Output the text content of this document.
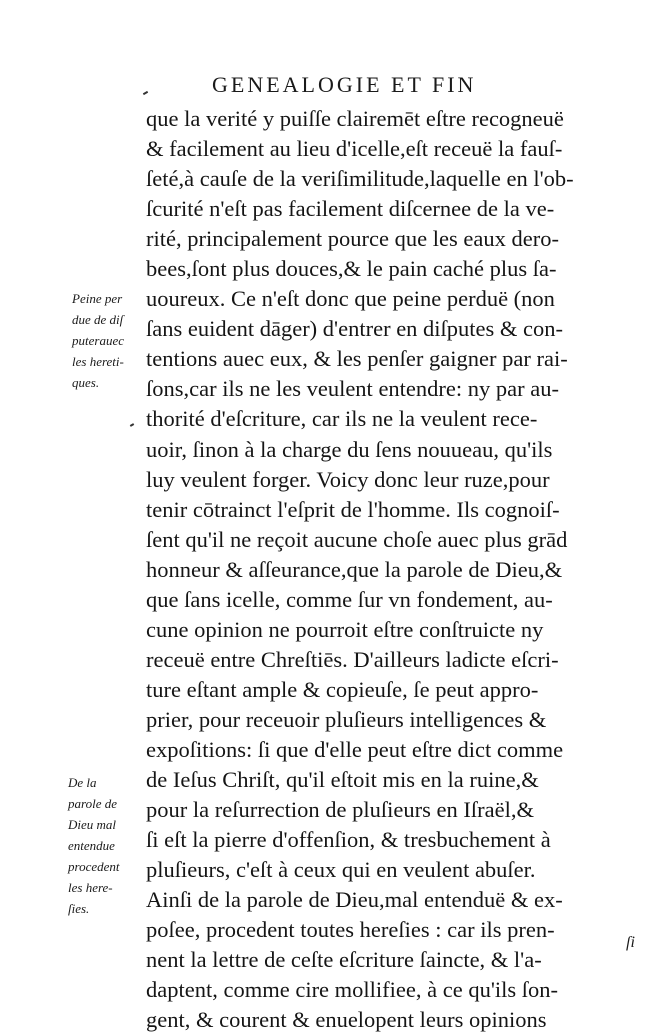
GENEALOGIE ET FIN
Peine per
due de diſ
puterauec
les hereti-
ques.
De la
parole de
Dieu mal
entendue
procedent
les here-
ſies.
que la verité y puiſſe clairemēt eſtre recogneuë
& facilement au lieu d'icelle,eſt receuë la fauſ-
ſeté,à cauſe de la veriſimilitude,laquelle en l'ob-
ſcurité n'eſt pas facilement diſcernee de la ve-
rité, principalement pource que les eaux dero-
bees,ſont plus douces,& le pain caché plus ſa-
uoureux. Ce n'eſt donc que peine perduë (non
ſans euident dāger) d'entrer en diſputes & con-
tentions auec eux, & les penſer gaigner par rai-
ſons,car ils ne les veulent entendre: ny par au-
thorité d'eſcriture, car ils ne la veulent rece-
uoir, ſinon à la charge du ſens nouueau, qu'ils
luy veulent forger. Voicy donc leur ruze,pour
tenir cōtrainct l'eſprit de l'homme. Ils cognoiſ-
ſent qu'il ne reçoit aucune choſe auec plus grād
honneur & aſſeurance,que la parole de Dieu,&
que ſans icelle, comme ſur vn fondement, au-
cune opinion ne pourroit eſtre conſtruicte ny
receuë entre Chreſtiēs. D'ailleurs ladicte eſcri-
ture eſtant ample & copieuſe, ſe peut appro-
prier, pour receuoir pluſieurs intelligences &
expoſitions: ſi que d'elle peut eſtre dict comme
de Ieſus Chriſt, qu'il eſtoit mis en la ruine,&
pour la reſurrection de pluſieurs en Iſraël,&
ſi eſt la pierre d'offenſion, & tresbuchement à
pluſieurs, c'eſt à ceux qui en veulent abuſer.
Ainſi de la parole de Dieu,mal entenduë & ex-
poſee, procedent toutes hereſies : car ils pren-
nent la lettre de ceſte eſcriture ſaincte, & l'a-
daptent, comme cire mollifiee, à ce qu'ils ſon-
gent, & courent & enuelopent leurs opinions
ſi
